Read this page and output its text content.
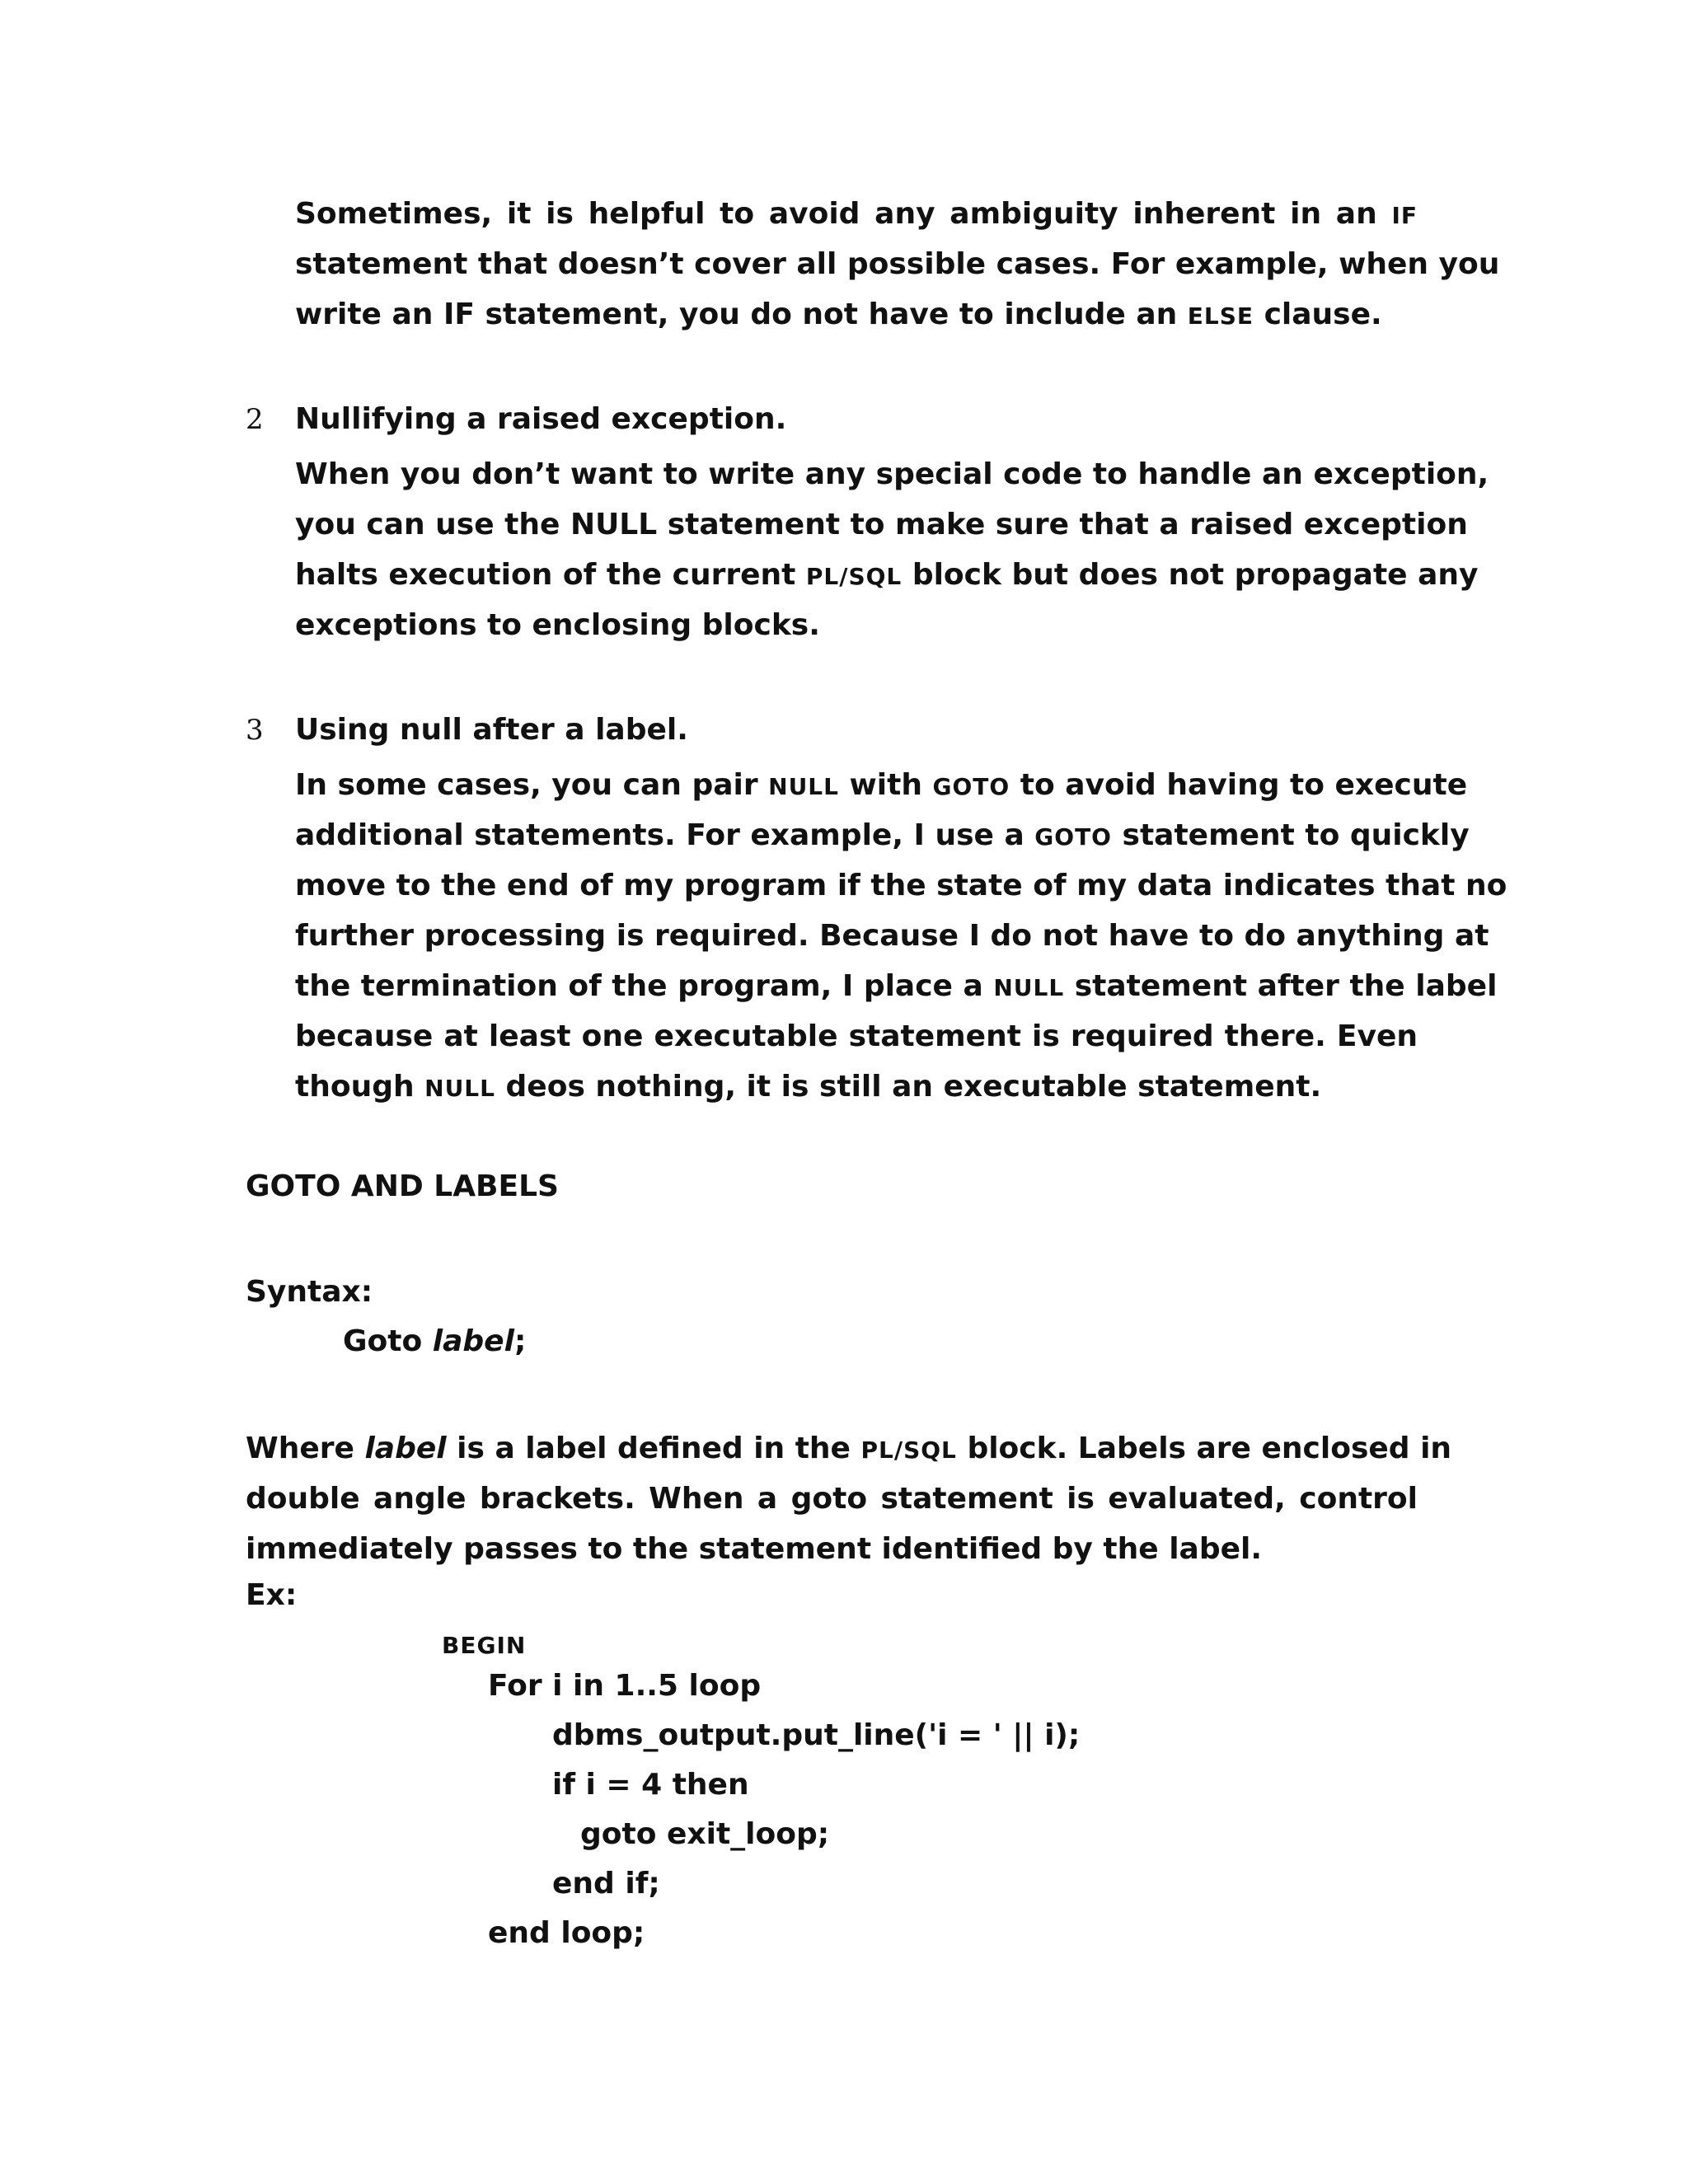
Sometimes, it is helpful to avoid any ambiguity inherent in an IF
statement that doesn’t cover all possible cases. For example, when you
write an IF statement, you do not have to include an ELSE clause.
2 Nullifying a raised exception.
When you don’t want to write any special code to handle an exception,
you can use the NULL statement to make sure that a raised exception
halts execution of the current PL/SQL block but does not propagate any
exceptions to enclosing blocks.
3 Using null after a label.
In some cases, you can pair NULL with GOTO to avoid having to execute
additional statements. For example, I use a GOTO statement to quickly
move to the end of my program if the state of my data indicates that no
further processing is required. Because I do not have to do anything at
the termination of the program, I place a NULL statement after the label
because at least one executable statement is required there. Even
though NULL deos nothing, it is still an executable statement.
GOTO AND LABELS
Syntax:
Goto label;
Where label is a label defined in the PL/SQL block. Labels are enclosed in
double angle brackets. When a goto statement is evaluated, control
immediately passes to the statement identified by the label.
Ex:
BEGIN
For i in 1..5 loop
dbms_output.put_line('i = ' || i);
if i = 4 then
goto exit_loop;
end if;
end loop;
